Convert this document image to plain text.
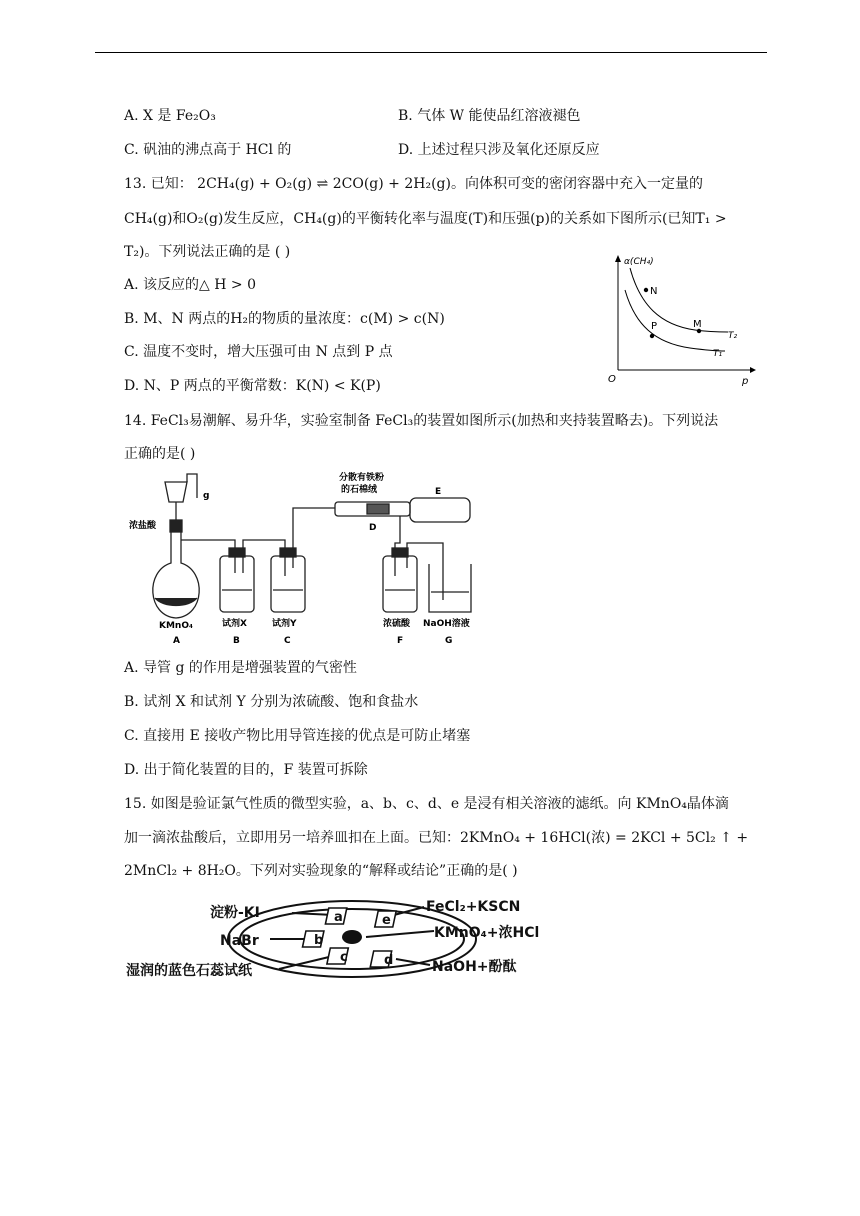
A. X 是 Fe₂O₃	B. 气体 W 能使品红溶液褪色
C. 矾油的沸点高于 HCl 的	D. 上述过程只涉及氧化还原反应
13. 已知： 2CH₄(g) + O₂(g) ⇌ 2CO(g) + 2H₂(g)。向体积可变的密闭容器中充入一定量的
CH₄(g)和O₂(g)发生反应，CH₄(g)的平衡转化率与温度(T)和压强(p)的关系如下图所示(已知T₁ >
T₂)。下列说法正确的是 ( )
A. 该反应的△ H > 0
B. M、N 两点的H₂的物质的量浓度：c(M) > c(N)
C. 温度不变时，增大压强可由 N 点到 P 点
D. N、P 两点的平衡常数：K(N) < K(P)
α(CH₄)
p
O
N
M
P
T₂
T₁
14. FeCl₃易潮解、易升华，实验室制备 FeCl₃的装置如图所示(加热和夹持装置略去)。下列说法
正确的是( )
g
浓盐酸
KMnO₄
分散有铁粉
的石棉绒
D
E
试剂X	试剂Y	浓硫酸 NaOH溶液
A	B	C	F	G
A. 导管 g 的作用是增强装置的气密性
B. 试剂 X 和试剂 Y 分别为浓硫酸、饱和食盐水
C. 直接用 E 接收产物比用导管连接的优点是可防止堵塞
D. 出于简化装置的目的，F 装置可拆除
15. 如图是验证氯气性质的微型实验，a、b、c、d、e 是浸有相关溶液的滤纸。向 KMnO₄晶体滴
加一滴浓盐酸后，立即用另一培养皿扣在上面。已知：2KMnO₄ + 16HCl(浓) = 2KCl + 5Cl₂ ↑ +
2MnCl₂ + 8H₂O。下列对实验现象的“解释或结论”正确的是( )
a
b
c	d
e
淀粉-KI
NaBr
湿润的蓝色石蕊试纸
FeCl₂+KSCN
KMnO₄+浓HCl
NaOH+酚酞
